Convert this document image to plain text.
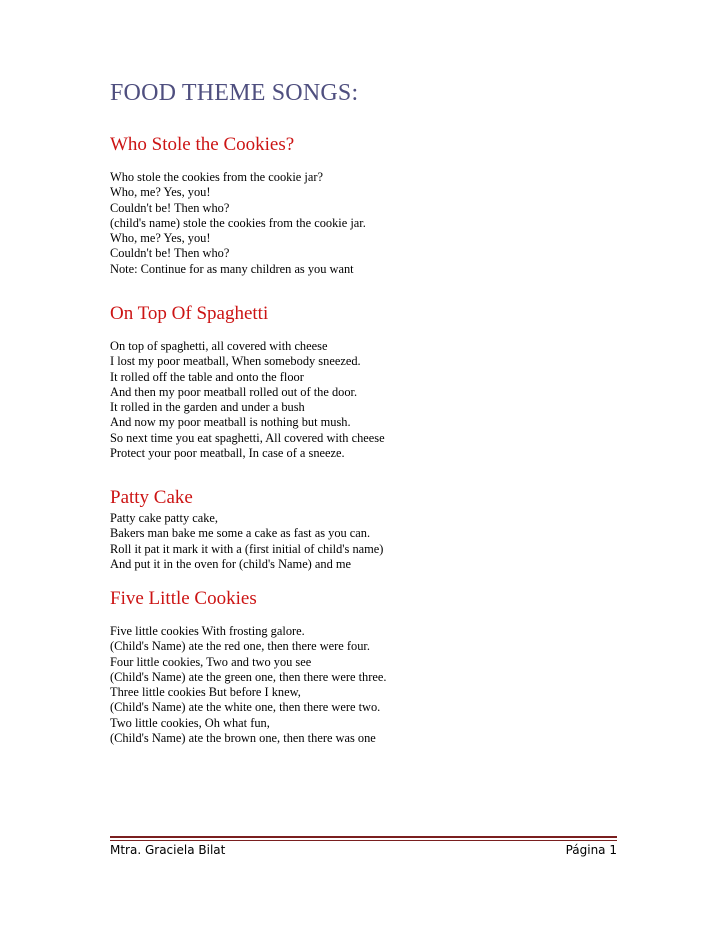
FOOD THEME SONGS:
Who Stole the Cookies?
Who stole the cookies from the cookie jar?
Who, me? Yes, you!
Couldn't be! Then who?
(child's name) stole the cookies from the cookie jar.
Who, me? Yes, you!
Couldn't be! Then who?
Note: Continue for as many children as you want
On Top Of Spaghetti
On top of spaghetti, all covered with cheese
I lost my poor meatball, When somebody sneezed.
It rolled off the table and onto the floor
And then my poor meatball rolled out of the door.
It rolled in the garden and under a bush
And now my poor meatball is nothing but mush.
So next time you eat spaghetti, All covered with cheese
Protect your poor meatball, In case of a sneeze.
Patty Cake
Patty cake patty cake,
Bakers man bake me some a cake as fast as you can.
Roll it pat it mark it with a (first initial of child's name)
And put it in the oven for (child's Name) and me
Five Little Cookies
Five little cookies With frosting galore.
(Child's Name) ate the red one, then there were four.
Four little cookies, Two and two you see
(Child's Name) ate the green one, then there were three.
Three little cookies But before I knew,
(Child's Name) ate the white one, then there were two.
Two little cookies, Oh what fun,
(Child's Name) ate the brown one, then there was one
Mtra. Graciela Bilat	Página 1
